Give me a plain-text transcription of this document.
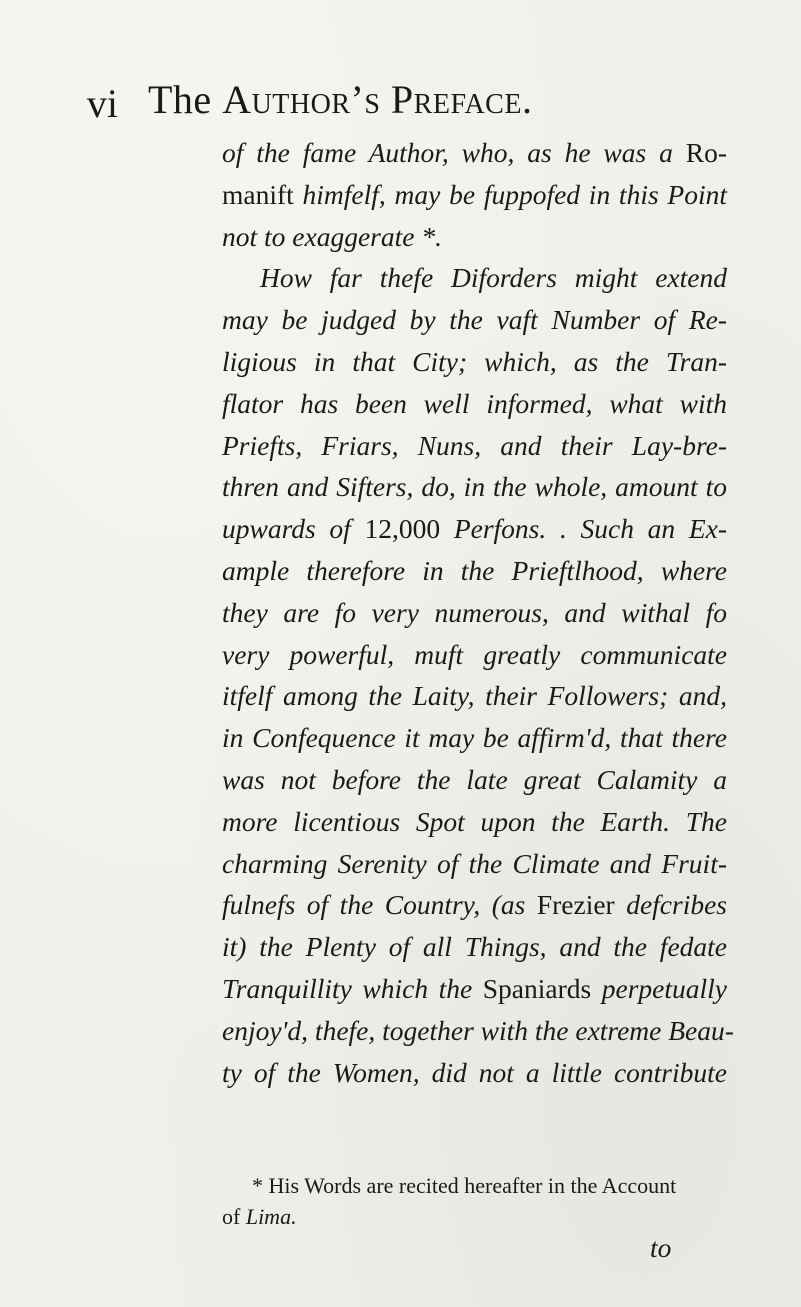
vi The Author’s Preface.
of the fame Author, who, as he was a Ro-
manift himfelf, may be fuppofed in this Point
not to exaggerate *.
How far thefe Diforders might extend
may be judged by the vaft Number of Re-
ligious in that City; which, as the Tran-
flator has been well informed, what with
Priefts, Friars, Nuns, and their Lay-bre-
thren and Sifters, do, in the whole, amount to
upwards of 12,000 Perfons. . Such an Ex-
ample therefore in the Prieftlhood, where
they are fo very numerous, and withal fo
very powerful, muft greatly communicate
itfelf among the Laity, their Followers; and,
in Confequence it may be affirm'd, that there
was not before the late great Calamity a
more licentious Spot upon the Earth. The
charming Serenity of the Climate and Fruit-
fulnefs of the Country, (as Frezier defcribes
it) the Plenty of all Things, and the fedate
Tranquillity which the Spaniards perpetually
enjoy'd, thefe, together with the extreme Beau-
ty of the Women, did not a little contribute
* His Words are recited hereafter in the Account
of Lima.
to
